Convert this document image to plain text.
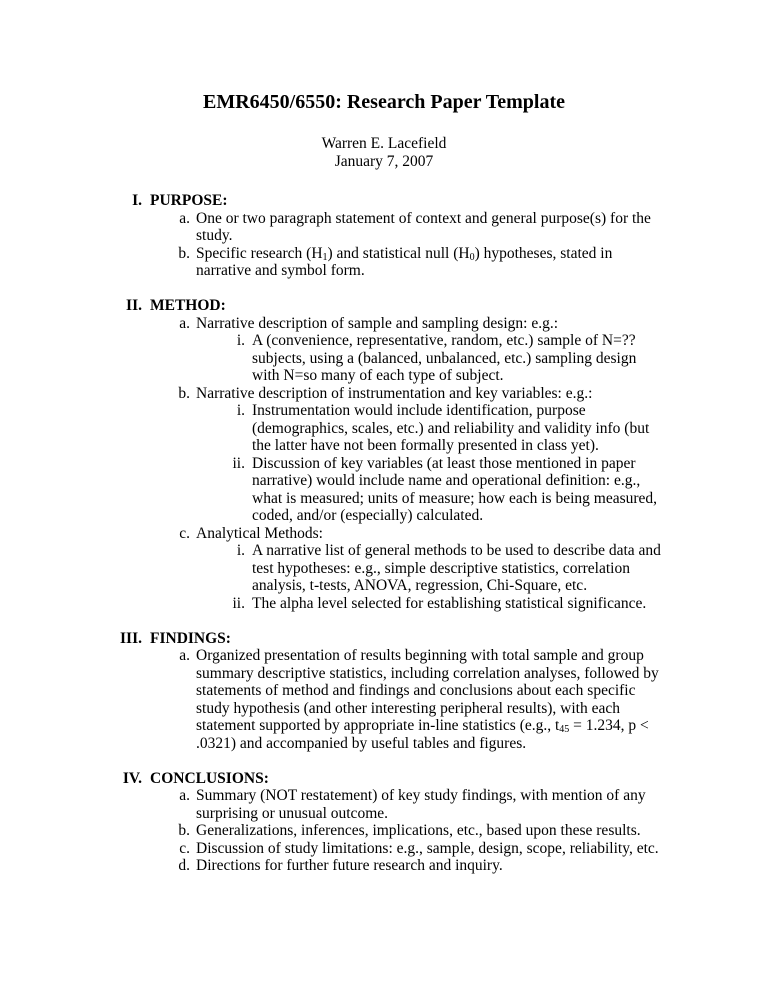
EMR6450/6550: Research Paper Template
Warren E. Lacefield
January 7, 2007
I. PURPOSE:
a. One or two paragraph statement of context and general purpose(s) for the study.
b. Specific research $(H_1)$ and statistical null $(H_0)$ hypotheses, stated in narrative and symbol form.
II. METHOD:
a. Narrative description of sample and sampling design: e.g.:
i. A (convenience, representative, random, etc.) sample of N=?? subjects, using a (balanced, unbalanced, etc.) sampling design with N=so many of each type of subject.
b. Narrative description of instrumentation and key variables: e.g.:
i. Instrumentation would include identification, purpose (demographics, scales, etc.) and reliability and validity info (but the latter have not been formally presented in class yet).
ii. Discussion of key variables (at least those mentioned in paper narrative) would include name and operational definition: e.g., what is measured; units of measure; how each is being measured, coded, and/or (especially) calculated.
c. Analytical Methods:
i. A narrative list of general methods to be used to describe data and test hypotheses: e.g., simple descriptive statistics, correlation analysis, t-tests, ANOVA, regression, Chi-Square, etc.
ii. The alpha level selected for establishing statistical significance.
III. FINDINGS:
a. Organized presentation of results beginning with total sample and group summary descriptive statistics, including correlation analyses, followed by statements of method and findings and conclusions about each specific study hypothesis (and other interesting peripheral results), with each statement supported by appropriate in-line statistics (e.g., $t_{45} = 1.234$, p < .0321) and accompanied by useful tables and figures.
IV. CONCLUSIONS:
a. Summary (NOT restatement) of key study findings, with mention of any surprising or unusual outcome.
b. Generalizations, inferences, implications, etc., based upon these results.
c. Discussion of study limitations: e.g., sample, design, scope, reliability, etc.
d. Directions for further future research and inquiry.
